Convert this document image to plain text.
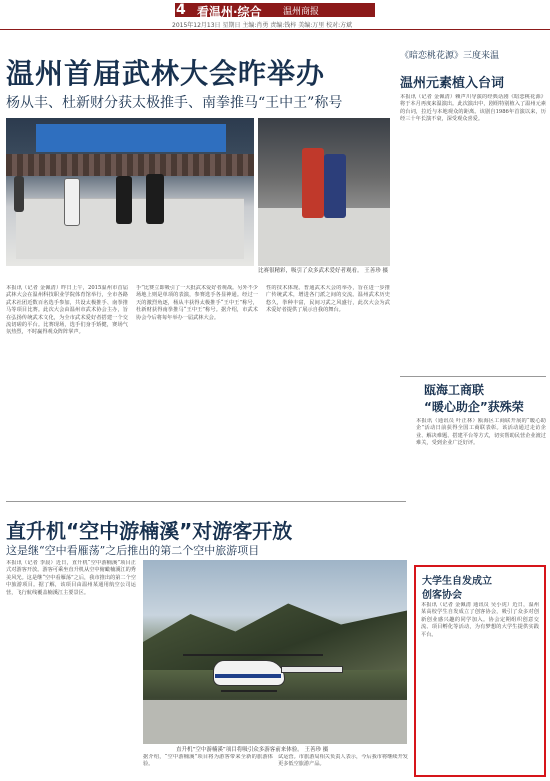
4 看温州·综合 温州商报
2015年12月13日 星期日 主编:肖勇 责编:钱梓 美编:万里 校对:方斌
温州首届武林大会昨举办
杨从丰、杜新财分获太极推手、南拳推马“王中王”称号
比赛很精彩，吸引了众多武术爱好者观看。 王善珍 摄
本报讯（记者 金佩清）昨日上午，2015温州市首届武林大会在温州科技职业学院体育馆举行，全市各路武术社团近数百名选手参加，共设太极推手、南拳推马等项目比赛。此次大会由温州市武术协会主办，旨在弘扬传统武术文化，为全市武术爱好者搭建一个交流切磋的平台。比赛现场，选手们身手矫健，赛场气氛热烈，不时赢得观众阵阵掌声。
手”比赛立即吸引了一大批武术爱好者观战。另外不少场地上则是单项的表演，参赛选手各显神通。经过一天的激烈角逐，杨从丰获得太极推手“王中王”称号，杜新财获得南拳推马“王中王”称号。据介绍，市武术协会今后将每年举办一届武林大会。
性的技术体现。普通武术大会的举办，旨在进一步推广传统武术，增进各门派之间的交流。温州武术历史悠久，拳种丰富，民间习武之风盛行，此次大会为武术爱好者提供了展示自我的舞台。
《暗恋桃花源》三度来温
温州元素植入台词
本报讯（记者 金佩清）赖声川导演的经典话剧《暗恋桃花源》将于本月再度来温演出。此次演出中，剧组特别植入了温州元素的台词，拉近与本地观众的距离。该剧自1986年首演以来，历经三十年长演不衰，深受观众喜爱。
瓯海工商联
“暖心助企”获殊荣
本报讯（通讯员 叶正林）瓯海区工商联开展的“暖心助企”活动日前获得全国工商联表彰。该活动通过走访企业、解决难题、搭建平台等方式，切实帮助民营企业渡过难关，受到企业广泛好评。
大学生自发成立
创客协会
本报讯（记者 金佩清 通讯员 吴小虎）近日，温州某高校学生自发成立了创客协会，吸引了众多对创新创业感兴趣的同学加入。协会定期组织创意交流、项目孵化等活动，为有梦想的大学生提供实践平台。
直升机“空中游楠溪”对游客开放
这是继“空中看雁荡”之后推出的第二个空中旅游项目
本报讯（记者 李晨）近日，直升机“空中游楠溪”项目正式对游客开放。游客可乘坐直升机从空中俯瞰楠溪江的秀美风光。这是继“空中看雁荡”之后，我市推出的第二个空中旅游项目。据了解，该项目由温州某通用航空公司运营，飞行航线覆盖楠溪江主要景区。
直升机“空中游楠溪”项目将吸引众多游客前来体验。 王善珍 摄
据介绍，“空中游楠溪”项目将为游客带来全新的旅游体验。
试运营。市旅游局相关负责人表示，今后我市将继续开发更多低空旅游产品。
